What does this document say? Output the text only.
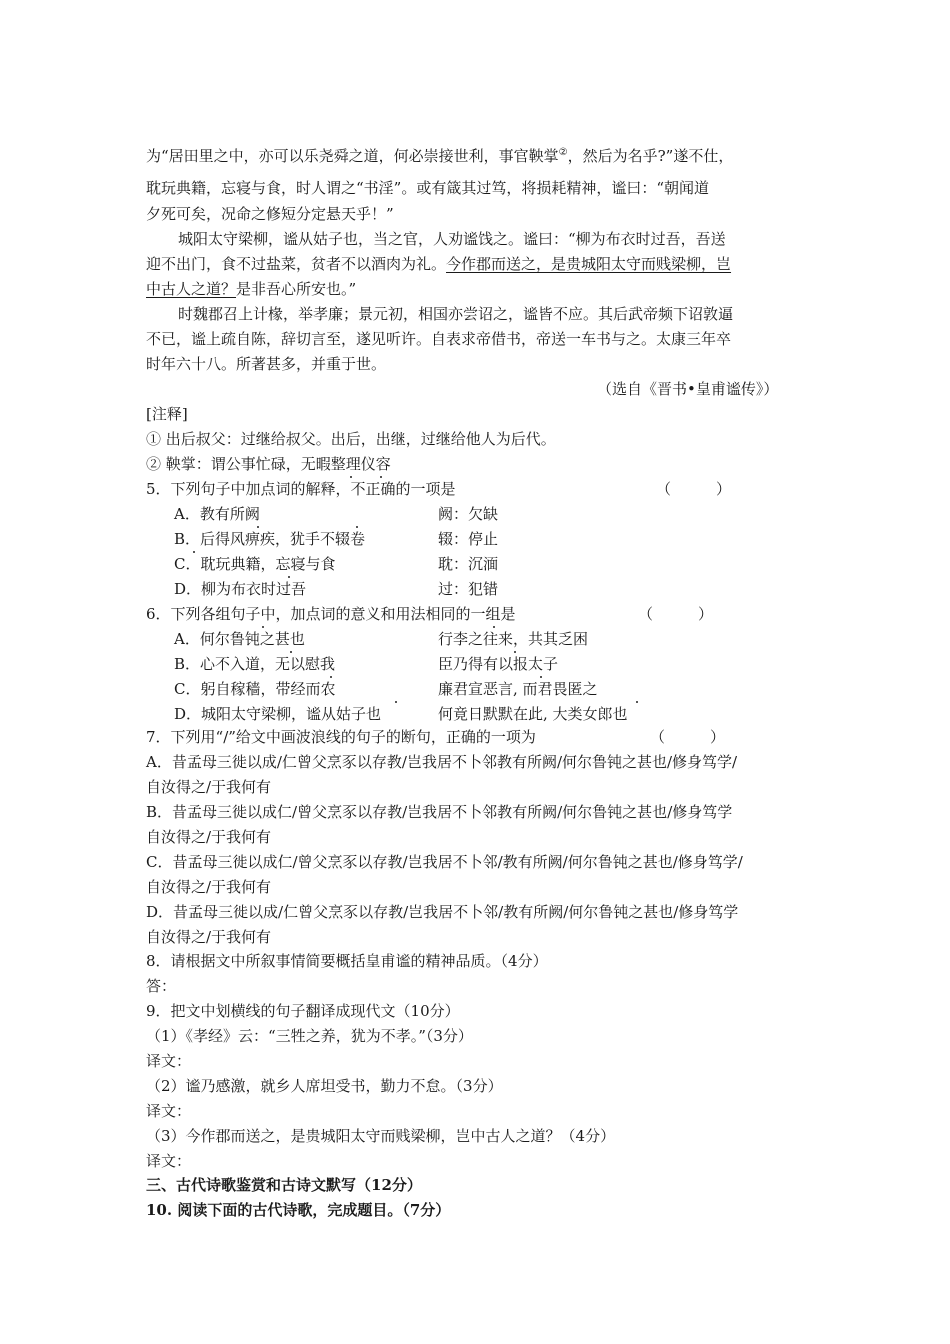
为“居田里之中，亦可以乐尧舜之道，何必崇接世利，事官鞅掌②，然后为名乎?”遂不仕，
耽玩典籍，忘寝与食，时人谓之“书淫”。或有箴其过笃，将损耗精神，谧曰：“朝闻道
夕死可矣，况命之修短分定悬天乎！”
城阳太守梁柳，谧从姑子也，当之官，人劝谧饯之。谧曰：“柳为布衣时过吾，吾送
迎不出门，食不过盐菜，贫者不以酒肉为礼。今作郡而送之，是贵城阳太守而贱梁柳，岂
中古人之道？是非吾心所安也。”
时魏郡召上计椽，举孝廉；景元初，相国亦尝诏之，谧皆不应。其后武帝频下诏敦逼
不已，谧上疏自陈，辞切言至，遂见听许。自表求帝借书，帝送一车书与之。太康三年卒
时年六十八。所著甚多，并重于世。
（选自《晋书•皇甫谧传》）
[注释]
① 出后叔父：过继给叔父。出后，出继，过继给他人为后代。
② 鞅掌：谓公事忙碌，无暇整理仪容
5．下列句子中加点词的解释，不正确的一项是	（　　　）
A．教有所阙	阙：欠缺
B．后得风痹疾，犹手不辍卷	辍：停止
C．耽玩典籍，忘寝与食	耽：沉湎
D．柳为布衣时过吾	过：犯错
6．下列各组句子中，加点词的意义和用法相同的一组是	（　　　）
A．何尔鲁钝之甚也	行李之往来，共其乏困
B．心不入道，无以慰我	臣乃得有以报太子
C．躬自稼穑，带经而农	廉君宣恶言, 而君畏匿之
D．城阳太守梁柳，谧从姑子也	何竟日默默在此, 大类女郎也
7．下列用“/”给文中画波浪线的句子的断句，正确的一项为	（　　　）
A．昔孟母三徙以成/仁曾父烹豕以存教/岂我居不卜邻教有所阙/何尔鲁钝之甚也/修身笃学/
自汝得之/于我何有
B．昔孟母三徙以成仁/曾父烹豕以存教/岂我居不卜邻教有所阙/何尔鲁钝之甚也/修身笃学
自汝得之/于我何有
C．昔孟母三徙以成仁/曾父烹豕以存教/岂我居不卜邻/教有所阙/何尔鲁钝之甚也/修身笃学/
自汝得之/于我何有
D．昔孟母三徙以成/仁曾父烹豕以存教/岂我居不卜邻/教有所阙/何尔鲁钝之甚也/修身笃学
自汝得之/于我何有
8．请根据文中所叙事情简要概括皇甫谧的精神品质。（4分）
答：
9．把文中划横线的句子翻译成现代文（10分）
（1）《孝经》云：“三牲之养，犹为不孝。”（3分）
译文：
（2）谧乃感激，就乡人席坦受书，勤力不怠。（3分）
译文：
（3）今作郡而送之，是贵城阳太守而贱梁柳，岂中古人之道？（4分）
译文：
三、古代诗歌鉴赏和古诗文默写（12分）
10. 阅读下面的古代诗歌，完成题目。（7分）
